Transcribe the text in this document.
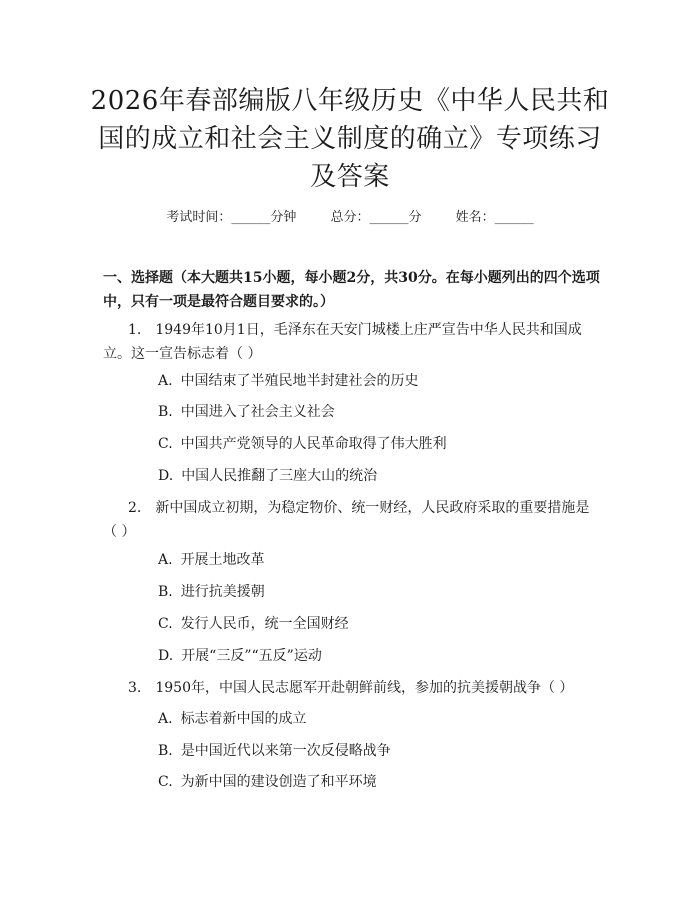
2026年春部编版八年级历史《中华人民共和国的成立和社会主义制度的确立》专项练习及答案
考试时间：______分钟	总分：______分	姓名：______
一、选择题（本大题共15小题，每小题2分，共30分。在每小题列出的四个选项中，只有一项是最符合题目要求的。）
1. 1949年10月1日，毛泽东在天安门城楼上庄严宣告中华人民共和国成立。这一宣告标志着（ ）
A. 中国结束了半殖民地半封建社会的历史
B. 中国进入了社会主义社会
C. 中国共产党领导的人民革命取得了伟大胜利
D. 中国人民推翻了三座大山的统治
2. 新中国成立初期，为稳定物价、统一财经，人民政府采取的重要措施是（ ）
A. 开展土地改革
B. 进行抗美援朝
C. 发行人民币，统一全国财经
D. 开展“三反”“五反”运动
3. 1950年，中国人民志愿军开赴朝鲜前线，参加的抗美援朝战争（ ）
A. 标志着新中国的成立
B. 是中国近代以来第一次反侵略战争
C. 为新中国的建设创造了和平环境
